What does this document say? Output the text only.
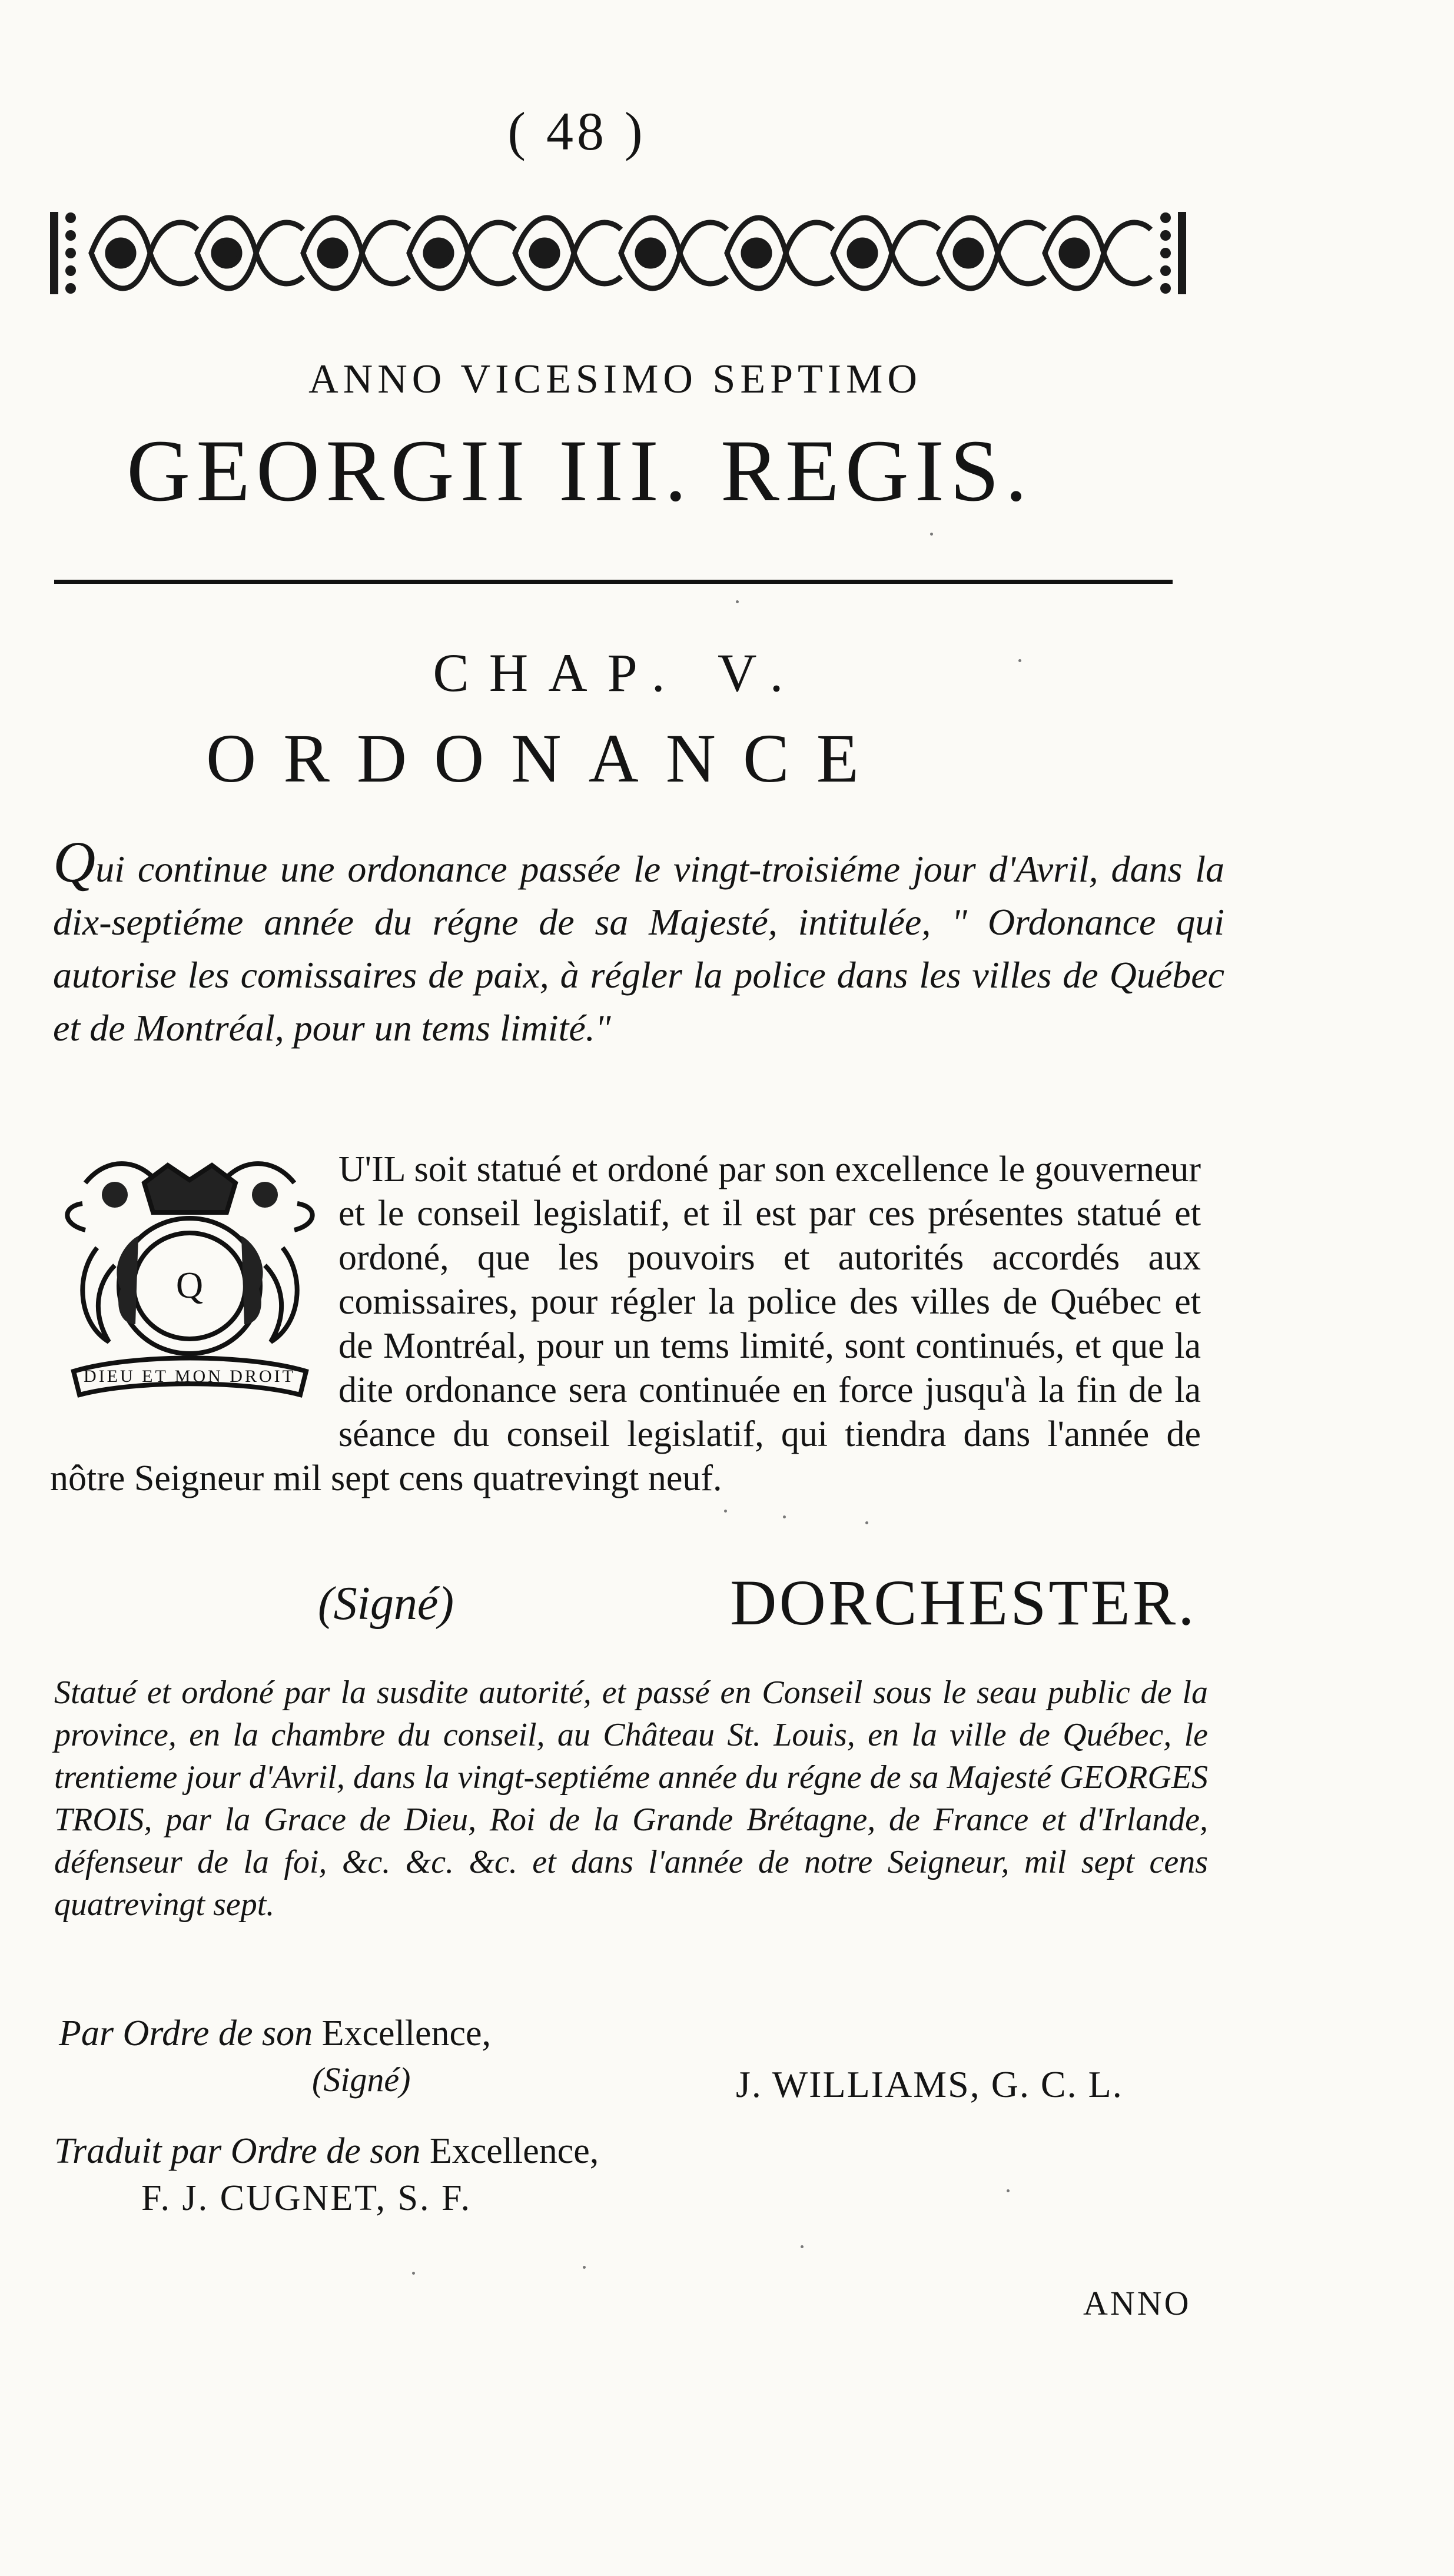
( 48 )
ANNO VICESIMO SEPTIMO
GEORGII III. REGIS.
CHAP. V.
ORDONANCE
Qui continue une ordonance passée le vingt-troisiéme jour d'Avril, dans la dix-septiéme année du régne de sa Majesté, intitulée, " Ordonance qui autorise les comissaires de paix, à régler la police dans les villes de Québec et de Montréal, pour un tems limité."
Q
DIEU ET MON DROIT
U'IL soit statué et ordoné par son excellence le gouverneur et le conseil legislatif, et il est par ces présentes statué et ordoné, que les pouvoirs et autorités accordés aux comissaires, pour régler la police des villes de Québec et de Montréal, pour un tems limité, sont continués, et que la dite ordonance sera continuée en force jusqu'à la fin de la séance du conseil legislatif, qui tiendra dans l'année de nôtre Seigneur mil sept cens quatrevingt neuf.
(Signé)	DORCHESTER.
Statué et ordoné par la susdite autorité, et passé en Conseil sous le seau public de la province, en la chambre du conseil, au Château St. Louis, en la ville de Québec, le trentieme jour d'Avril, dans la vingt-septiéme année du régne de sa Majesté GEORGES TROIS, par la Grace de Dieu, Roi de la Grande Brétagne, de France et d'Irlande, défenseur de la foi, &c. &c. &c. et dans l'année de notre Seigneur, mil sept cens quatrevingt sept.
Par Ordre de son Excellence,
(Signé)	J. WILLIAMS, G. C. L.
Traduit par Ordre de son Excellence,
F. J. CUGNET, S. F.
ANNO
